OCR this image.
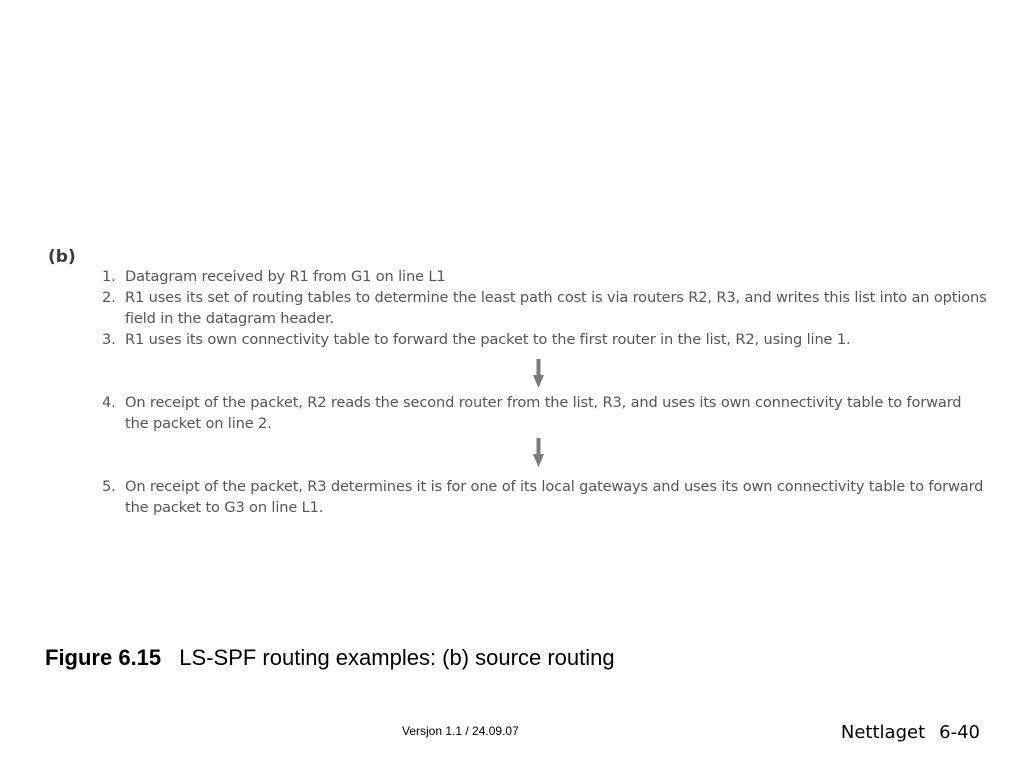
(b)
1. Datagram received by R1 from G1 on line L1
2. R1 uses its set of routing tables to determine the least path cost is via routers R2, R3, and writes this list into an options
field in the datagram header.
3. R1 uses its own connectivity table to forward the packet to the first router in the list, R2, using line 1.
4. On receipt of the packet, R2 reads the second router from the list, R3, and uses its own connectivity table to forward
the packet on line 2.
5. On receipt of the packet, R3 determines it is for one of its local gateways and uses its own connectivity table to forward
the packet to G3 on line L1.
Figure 6.15 LS-SPF routing examples: (b) source routing
Versjon 1.1 / 24.09.07	Nettlaget 6-40
